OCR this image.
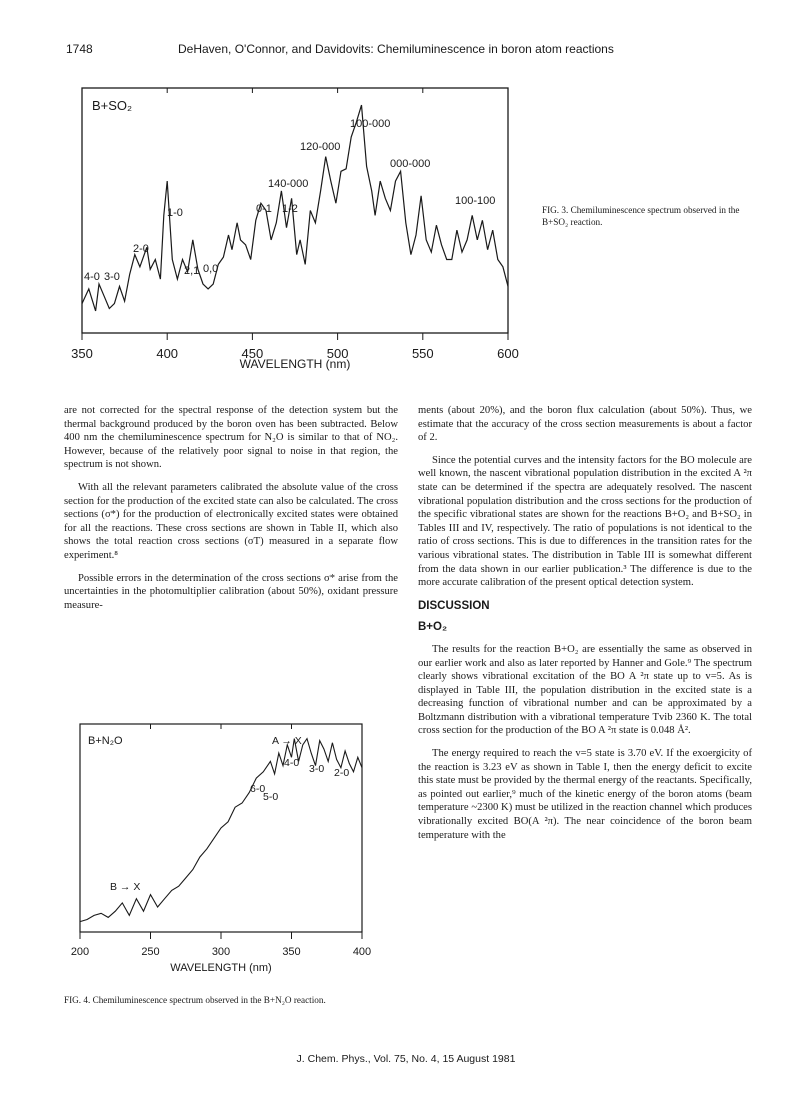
1748	DeHaven, O'Connor, and Davidovits: Chemiluminescence in boron atom reactions
350	400	450	500	550	600
B+SO₂
4-0 3-0
2-0
1-0
2,1 0,0
0-1 1-2
140-000
120-000
100-000
000-000
100-100
WAVELENGTH (nm)
FIG. 3. Chemiluminescence spectrum observed in the B+SO₂ reaction.

are not corrected for the spectral response of the detection system but the thermal background produced by the boron oven has been subtracted. Below 400 nm the chemiluminescence spectrum for N₂O is similar to that of NO₂. However, because of the relatively poor signal to noise in that region, the spectrum is not shown.

With all the relevant parameters calibrated the absolute value of the cross section for the production of the excited state can also be calculated. The cross sections (σ*) for the production of electronically excited states were obtained for all the reactions. These cross sections are shown in Table II, which also shows the total reaction cross sections (σT) measured in a separate flow experiment.⁸

Possible errors in the determination of the cross sections σ* arise from the uncertainties in the photomultiplier calibration (about 50%), oxidant pressure measure-

ments (about 20%), and the boron flux calculation (about 50%). Thus, we estimate that the accuracy of the cross section measurements is about a factor of 2.

Since the potential curves and the intensity factors for the BO molecule are well known, the nascent vibrational population distribution in the excited A ²π state can be determined if the spectra are adequately resolved. The nascent vibrational population distribution and the cross sections for the production of the specific vibrational states are shown for the reactions B+O₂ and B+SO₂ in Tables III and IV, respectively. The ratio of populations is not identical to the ratio of cross sections. This is due to differences in the transition rates for the various vibrational states. The distribution in Table III is somewhat different from the data shown in our earlier publication.³ The difference is due to the more accurate calibration of the present optical detection system.

DISCUSSION
B+O₂

The results for the reaction B+O₂ are essentially the same as observed in our earlier work and also as later reported by Hanner and Gole.⁹ The spectrum clearly shows vibrational excitation of the BO A ²π state up to v=5. As is displayed in Table III, the population distribution in the excited state is a decreasing function of vibrational number and can be approximated by a Boltzmann distribution with a vibrational temperature Tvib 2360 K. The total cross section for the production of the BO A ²π state is 0.048 Å².

The energy required to reach the v=5 state is 3.70 eV. If the exoergicity of the reaction is 3.23 eV as shown in Table I, then the energy deficit to excite this state must be provided by the thermal energy of the reactants. Specifically, as pointed out earlier,⁹ much of the kinetic energy of the boron atoms (beam temperature ~2300 K) must be utilized in the reaction channel which produces vibrationally excited BO(A ²π). The near coincidence of the boron beam temperature with the

200	250	300	350	400
B+N₂O	A → X
4-0 3-0 2-0
6-0
5-0
B → X
WAVELENGTH (nm)
FIG. 4. Chemiluminescence spectrum observed in the B+N₂O reaction.
J. Chem. Phys., Vol. 75, No. 4, 15 August 1981
